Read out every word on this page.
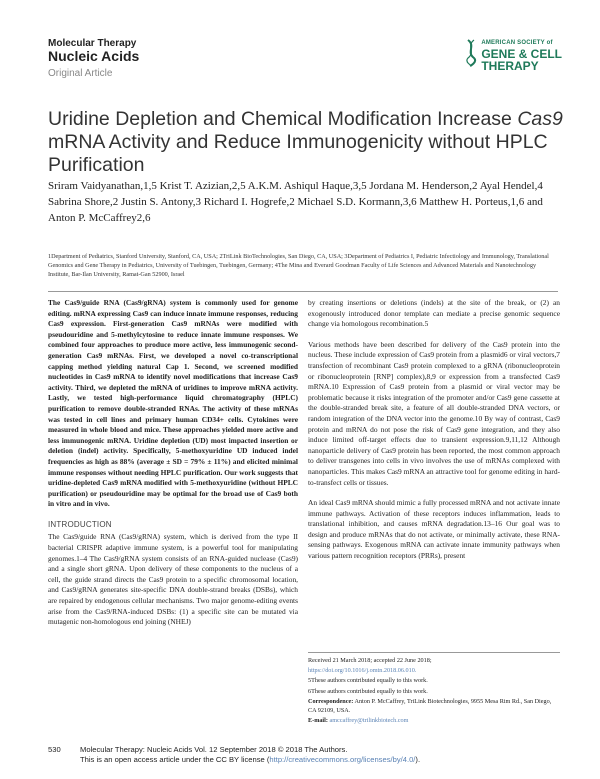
Molecular Therapy
Nucleic Acids
Original Article
AMERICAN SOCIETY of
GENE & CELL
THERAPY
Uridine Depletion and Chemical Modification Increase Cas9 mRNA Activity and Reduce Immunogenicity without HPLC Purification
Sriram Vaidyanathan,1,5 Krist T. Azizian,2,5 A.K.M. Ashiqul Haque,3,5 Jordana M. Henderson,2 Ayal Hendel,4 Sabrina Shore,2 Justin S. Antony,3 Richard I. Hogrefe,2 Michael S.D. Kormann,3,6 Matthew H. Porteus,1,6 and Anton P. McCaffrey2,6
1Department of Pediatrics, Stanford University, Stanford, CA, USA; 2TriLink BioTechnologies, San Diego, CA, USA; 3Department of Pediatrics I, Pediatric Infectiology and Immunology, Translational Genomics and Gene Therapy in Pediatrics, University of Tuebingen, Tuebingen, Germany; 4The Mina and Everard Goodman Faculty of Life Sciences and Advanced Materials and Nanotechnology Institute, Bar-Ilan University, Ramat-Gan 52900, Israel

The Cas9/guide RNA (Cas9/gRNA) system is commonly used for genome editing. mRNA expressing Cas9 can induce innate immune responses, reducing Cas9 expression. First-generation Cas9 mRNAs were modified with pseudouridine and 5-methylcytosine to reduce innate immune responses. We combined four approaches to produce more active, less immunogenic second-generation Cas9 mRNAs. First, we developed a novel co-transcriptional capping method yielding natural Cap 1. Second, we screened modified nucleotides in Cas9 mRNA to identify novel modifications that increase Cas9 activity. Third, we depleted the mRNA of uridines to improve mRNA activity. Lastly, we tested high-performance liquid chromatography (HPLC) purification to remove double-stranded RNAs. The activity of these mRNAs was tested in cell lines and primary human CD34+ cells. Cytokines were measured in whole blood and mice. These approaches yielded more active and less immunogenic mRNA. Uridine depletion (UD) most impacted insertion or deletion (indel) activity. Specifically, 5-methoxyuridine UD induced indel frequencies as high as 88% (average ± SD = 79% ± 11%) and elicited minimal immune responses without needing HPLC purification. Our work suggests that uridine-depleted Cas9 mRNA modified with 5-methoxyuridine (without HPLC purification) or pseudouridine may be optimal for the broad use of Cas9 both in vitro and in vivo.

INTRODUCTION

The Cas9/guide RNA (Cas9/gRNA) system, which is derived from the type II bacterial CRISPR adaptive immune system, is a powerful tool for manipulating genomes.1–4 The Cas9/gRNA system consists of an RNA-guided nuclease (Cas9) and a single short gRNA. Upon delivery of these components to the nucleus of a cell, the guide strand directs the Cas9 protein to a specific chromosomal location, and Cas9/gRNA generates site-specific DNA double-strand breaks (DSBs), which are repaired by endogenous cellular mechanisms. Two major genome-editing events arise from the Cas9/RNA-induced DSBs: (1) a specific site can be mutated via mutagenic non-homologous end joining (NHEJ)

by creating insertions or deletions (indels) at the site of the break, or (2) an exogenously introduced donor template can mediate a precise genomic sequence change via homologous recombination.5

Various methods have been described for delivery of the Cas9 protein into the nucleus. These include expression of Cas9 protein from a plasmid6 or viral vectors,7 transfection of recombinant Cas9 protein complexed to a gRNA (ribonucleoprotein or ribonucleoprotein [RNP] complex),8,9 or expression from a transfected Cas9 mRNA.10 Expression of Cas9 protein from a plasmid or viral vector may be problematic because it risks integration of the promoter and/or Cas9 gene cassette at the double-stranded break site, a feature of all double-stranded DNA vectors, or random integration of the DNA vector into the genome.10 By way of contrast, Cas9 protein and mRNA do not pose the risk of Cas9 gene integration, and they also induce limited off-target effects due to transient expression.9,11,12 Although nanoparticle delivery of Cas9 protein has been reported, the most common approach to deliver transgenes into cells in vivo involves the use of mRNAs complexed with nanoparticles. This makes Cas9 mRNA an attractive tool for genome editing in hard-to-transfect cells or tissues.

An ideal Cas9 mRNA should mimic a fully processed mRNA and not activate innate immune pathways. Activation of these receptors induces inflammation, leads to translational inhibition, and causes mRNA degradation.13–16 Our goal was to design and produce mRNAs that do not activate, or minimally activate, these RNA-sensing pathways. Exogenous mRNA can activate innate immunity pathways when various pattern recognition receptors (PRRs), present

Received 21 March 2018; accepted 22 June 2018;
https://doi.org/10.1016/j.omtn.2018.06.010.
5These authors contributed equally to this work.
6These authors contributed equally to this work.
Correspondence: Anton P. McCaffrey, TriLink Biotechnologies, 9955 Mesa Rim Rd., San Diego, CA 92109, USA.
E-mail: amccaffrey@trilinkbiotech.com
530	Molecular Therapy: Nucleic Acids Vol. 12 September 2018 © 2018 The Authors.
This is an open access article under the CC BY license (http://creativecommons.org/licenses/by/4.0/).
